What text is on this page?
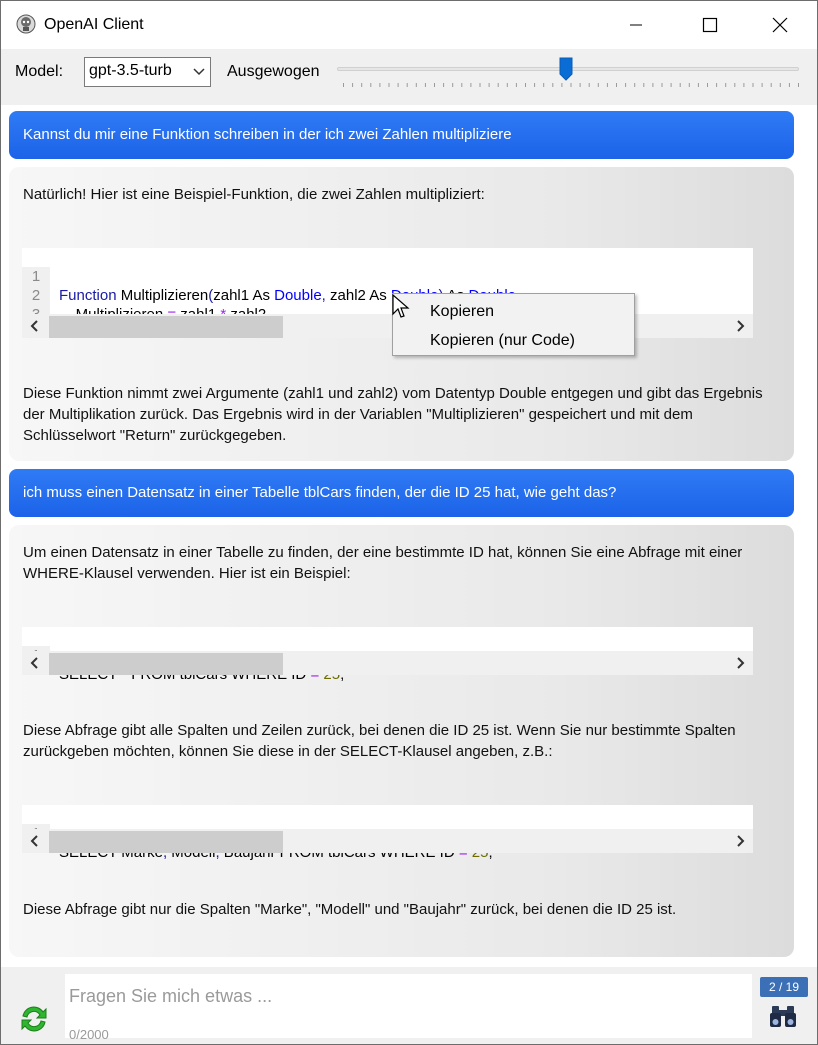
OpenAI Client
Model:	gpt-3.5-turb	Ausgewogen
Kannst du mir eine Funktion schreiben in der ich zwei Zahlen multipliziere
Natürlich! Hier ist eine Beispiel-Funktion, die zwei Zahlen multipliziert:

1

Function Multiplizieren(zahl1 As Double, zahl2 As

2

Diese Funktion nimmt zwei Argumente (zahl1 und zahl2) vom Datentyp Double entgegen und gibt das Ergebnis der Multiplikation zurück. Das Ergebnis wird in der Variablen "Multiplizieren" gespeichert und mit dem Schlüsselwort "Return" zurückgegeben.
ich muss einen Datensatz in einer Tabelle tblCars finden, der die ID 25 hat, wie geht das?
Um einen Datensatz in einer Tabelle zu finden, der eine bestimmte ID hat, können Sie eine Abfrage mit einer WHERE-Klausel verwenden. Hier ist ein Beispiel:

Diese Abfrage gibt alle Spalten und Zeilen zurück, bei denen die ID 25 ist. Wenn Sie nur bestimmte Spalten zurückgeben möchten, können Sie diese in der SELECT-Klausel angeben, z.B.:

Diese Abfrage gibt nur die Spalten "Marke", "Modell" und "Baujahr" zurück, bei denen die ID 25 ist.
Kopieren
Kopieren (nur Code)
Fragen Sie mich etwas ...
0/2000
2 / 19
